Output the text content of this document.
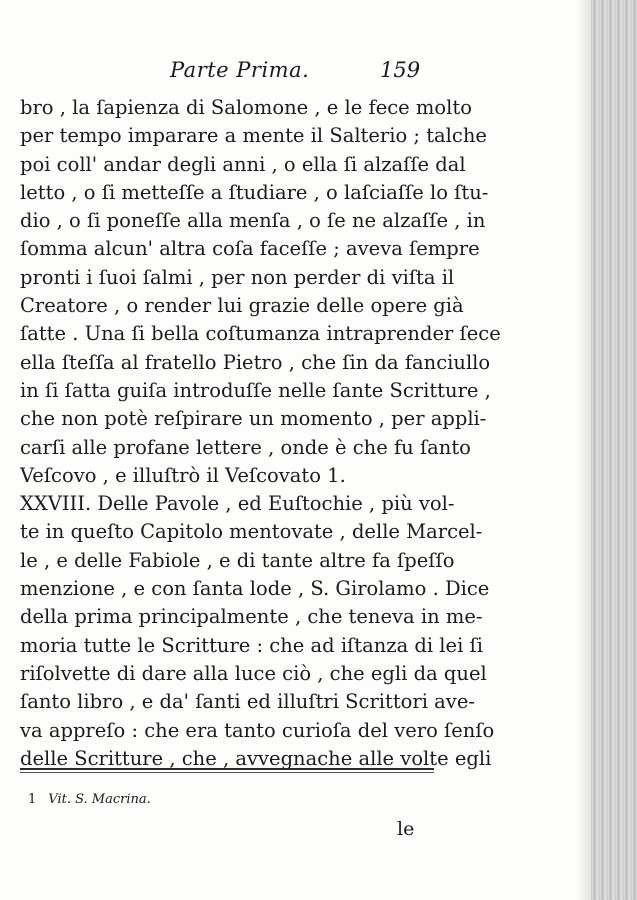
Parte Prima.	159
bro , la ſapienza di Salomone , e le fece molto
per tempo imparare a mente il Salterio ; talche
poi coll' andar degli anni , o ella ſi alzaſſe dal
letto , o ſi metteſſe a ſtudiare , o laſciaſſe lo ſtu-
dio , o ſi poneſſe alla menſa , o ſe ne alzaſſe , in
ſomma alcun' altra coſa faceſſe ; aveva ſempre
pronti i ſuoi ſalmi , per non perder di viſta il
Creatore , o render lui grazie delle opere già
ſatte . Una ſi bella coſtumanza intraprender ſece
ella ſteſſa al fratello Pietro , che ſin da fanciullo
in ſi ſatta guiſa introduſſe nelle ſante Scritture ,
che non potè reſpirare un momento , per appli-
carſi alle profane lettere , onde è che fu ſanto
Veſcovo , e illuſtrò il Veſcovato 1.
XXVIII. Delle Pavole , ed Euſtochie , più vol-
te in queſto Capitolo mentovate , delle Marcel-
le , e delle Fabiole , e di tante altre fa ſpeſſo
menzione , e con ſanta lode , S. Girolamo . Dice
della prima principalmente , che teneva in me-
moria tutte le Scritture : che ad iſtanza di lei ſi
riſolvette di dare alla luce ciò , che egli da quel
ſanto libro , e da' ſanti ed illuſtri Scrittori ave-
va appreſo : che era tanto curioſa del vero ſenſo
delle Scritture , che , avvegnache alle volte egli
1 Vit. S. Macrina.
le
